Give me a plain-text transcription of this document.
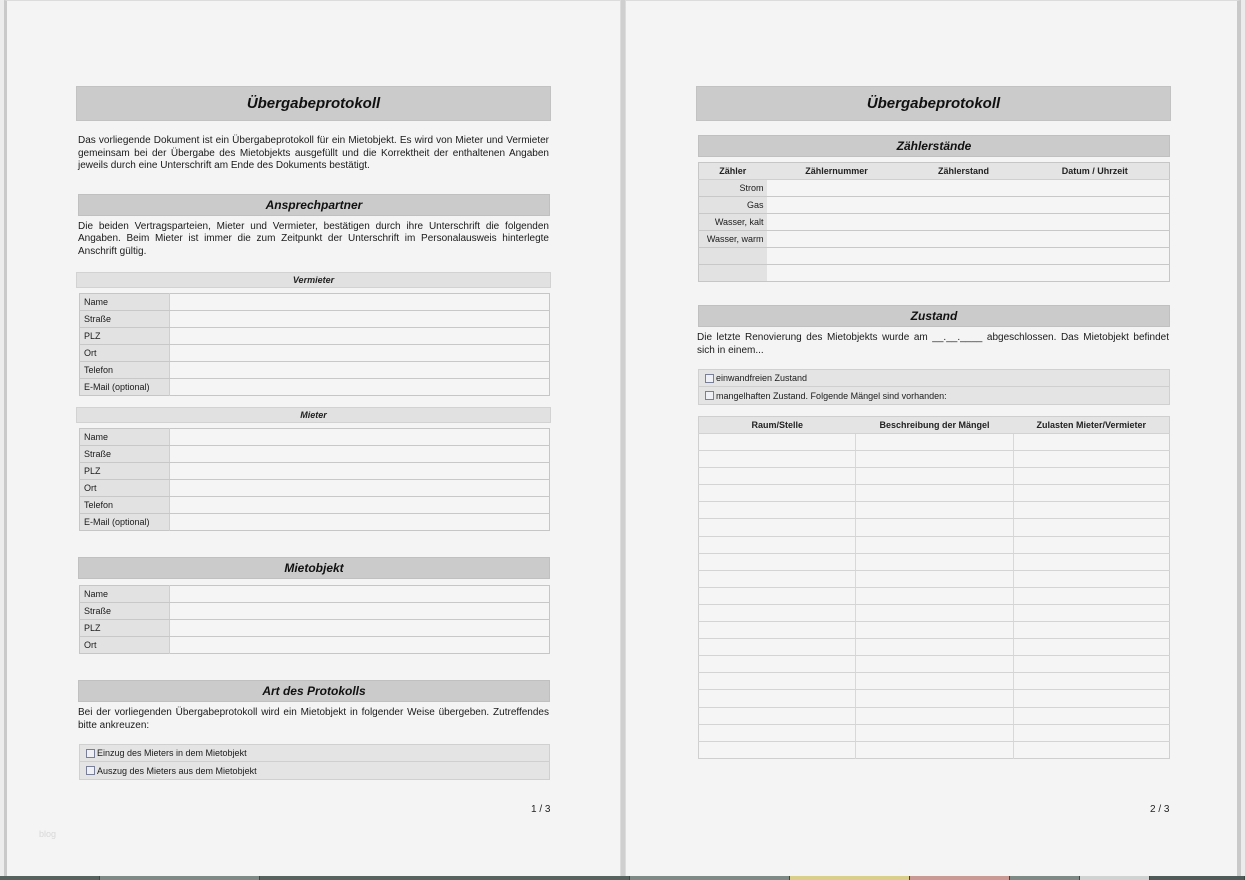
Übergabeprotokoll

Das vorliegende Dokument ist ein Übergabeprotokoll für ein Mietobjekt. Es wird von Mieter und Vermieter gemeinsam bei der Übergabe des Mietobjekts ausgefüllt und die Korrektheit der enthaltenen Angaben jeweils durch eine Unterschrift am Ende des Dokuments bestätigt.

Ansprechpartner

Die beiden Vertragsparteien, Mieter und Vermieter, bestätigen durch ihre Unterschrift die folgenden Angaben. Beim Mieter ist immer die zum Zeitpunkt der Unterschrift im Personalausweis hinterlegte Anschrift gültig.

Vermieter
Name	
Straße	
PLZ	
Ort	
Telefon	
E-Mail (optional)	
Mieter
Name	
Straße	
PLZ	
Ort	
Telefon	
E-Mail (optional)	
Mietobjekt
Name	
Straße	
PLZ	
Ort	
Art des Protokolls

Bei der vorliegenden Übergabeprotokoll wird ein Mietobjekt in folgender Weise übergeben. Zutreffendes bitte ankreuzen:

Einzug des Mieters in dem Mietobjekt
Auszug des Mieters aus dem Mietobjekt
1 / 3
blog
Übergabeprotokoll
Zählerstände
Zähler	Zählernummer	Zählerstand	Datum / Uhrzeit
Strom			
Gas			
Wasser, kalt			
Wasser, warm			

Zustand

Die letzte Renovierung des Mietobjekts wurde am __.__.____ abgeschlossen. Das Mietobjekt befindet sich in einem...

einwandfreien Zustand
mangelhaften Zustand. Folgende Mängel sind vorhanden:
Raum/Stelle	Beschreibung der Mängel	Zulasten Mieter/Vermieter

2 / 3
